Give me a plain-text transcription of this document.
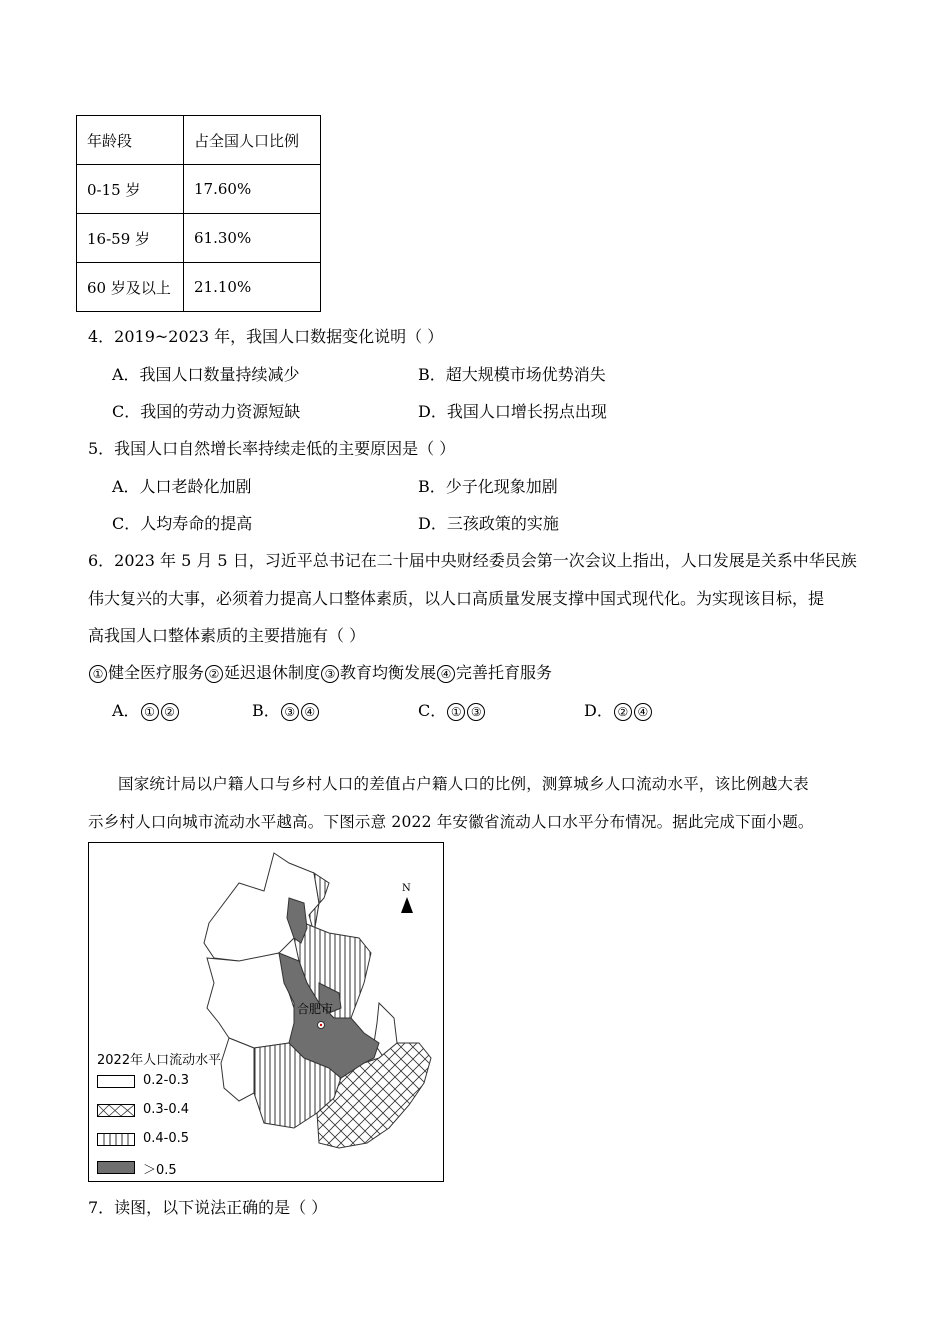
年龄段	占全国人口比例
0-15 岁	17.60%
16-59 岁	61.30%
60 岁及以上	21.10%
4．2019~2023 年，我国人口数据变化说明（ ）
A．我国人口数量持续减少	B．超大规模市场优势消失
C．我国的劳动力资源短缺	D．我国人口增长拐点出现
5．我国人口自然增长率持续走低的主要原因是（ ）
A．人口老龄化加剧	B．少子化现象加剧
C．人均寿命的提高	D．三孩政策的实施
6．2023 年 5 月 5 日，习近平总书记在二十届中央财经委员会第一次会议上指出，人口发展是关系中华民族
伟大复兴的大事，必须着力提高人口整体素质，以人口高质量发展支撑中国式现代化。为实现该目标，提
高我国人口整体素质的主要措施有（ ）
① 健全医疗服务 ② 延迟退休制度 ③ 教育均衡发展 ④ 完善托育服务
A． ① ②	B． ③ ④	C． ① ③	D． ② ④
国家统计局以户籍人口与乡村人口的差值占户籍人口的比例，测算城乡人口流动水平，该比例越大表
示乡村人口向城市流动水平越高。下图示意 2022 年安徽省流动人口水平分布情况。据此完成下面小题。
合肥市
N
2022年人口流动水平
0.2-0.3
0.3-0.4
0.4-0.5
＞0.5
7．读图，以下说法正确的是（ ）
